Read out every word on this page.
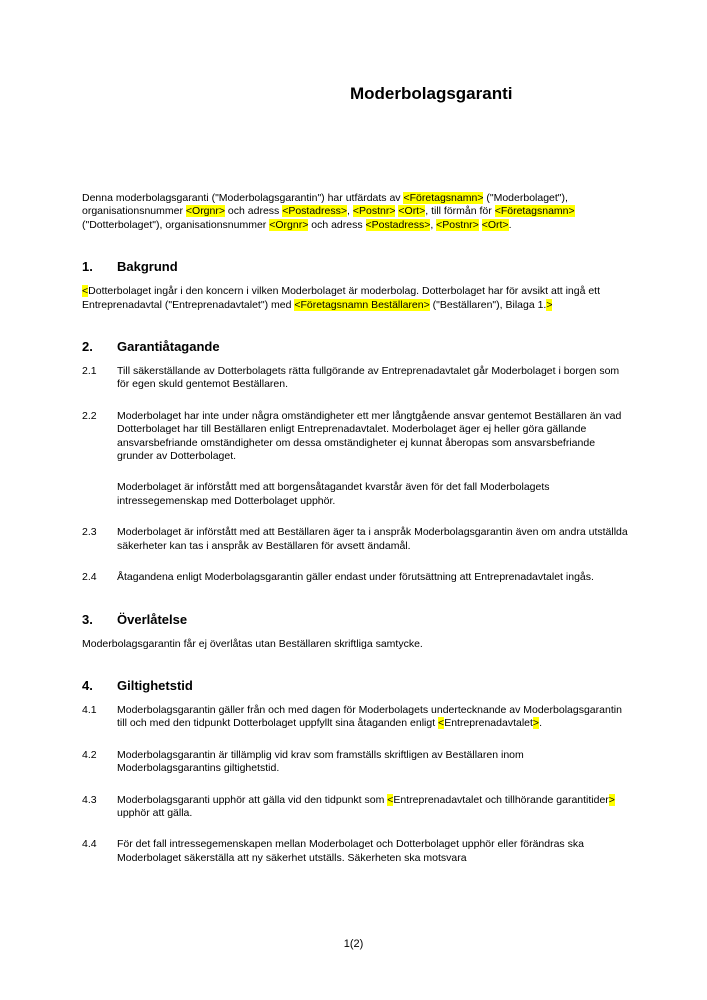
Moderbolagsgaranti

Denna moderbolagsgaranti ("Moderbolagsgarantin") har utfärdats av <Företagsnamn> ("Moderbolaget"), organisationsnummer <Orgnr> och adress <Postadress>, <Postnr> <Ort>, till förmån för <Företagsnamn> ("Dotterbolaget"), organisationsnummer <Orgnr> och adress <Postadress>, <Postnr> <Ort>.

1.	Bakgrund

<Dotterbolaget ingår i den koncern i vilken Moderbolaget är moderbolag. Dotterbolaget har för avsikt att ingå ett Entreprenadavtal ("Entreprenadavtalet") med <Företagsnamn Beställaren> ("Beställaren"), Bilaga 1.>

2.	Garantiåtagande
2.1	Till säkerställande av Dotterbolagets rätta fullgörande av Entreprenadavtalet går Moderbolaget i borgen som för egen skuld gentemot Beställaren.
2.2	Moderbolaget har inte under några omständigheter ett mer långtgående ansvar gentemot Beställaren än vad Dotterbolaget har till Beställaren enligt Entreprenadavtalet. Moderbolaget äger ej heller göra gällande ansvarsbefriande omständigheter om dessa omständigheter ej kunnat åberopas som ansvarsbefriande grunder av Dotterbolaget.
Moderbolaget är införstått med att borgensåtagandet kvarstår även för det fall Moderbolagets intressegemenskap med Dotterbolaget upphör.
2.3	Moderbolaget är införstått med att Beställaren äger ta i anspråk Moderbolagsgarantin även om andra utställda säkerheter kan tas i anspråk av Beställaren för avsett ändamål.
2.4	Åtagandena enligt Moderbolagsgarantin gäller endast under förutsättning att Entreprenadavtalet ingås.
3.	Överlåtelse

Moderbolagsgarantin får ej överlåtas utan Beställaren skriftliga samtycke.

4.	Giltighetstid
4.1	Moderbolagsgarantin gäller från och med dagen för Moderbolagets undertecknande av Moderbolagsgarantin till och med den tidpunkt Dotterbolaget uppfyllt sina åtaganden enligt <Entreprenadavtalet>.
4.2	Moderbolagsgarantin är tillämplig vid krav som framställs skriftligen av Beställaren inom Moderbolagsgarantins giltighetstid.
4.3	Moderbolagsgaranti upphör att gälla vid den tidpunkt som <Entreprenadavtalet och tillhörande garantitider> upphör att gälla.
4.4	För det fall intressegemenskapen mellan Moderbolaget och Dotterbolaget upphör eller förändras ska Moderbolaget säkerställa att ny säkerhet utställs. Säkerheten ska motsvara
1(2)
